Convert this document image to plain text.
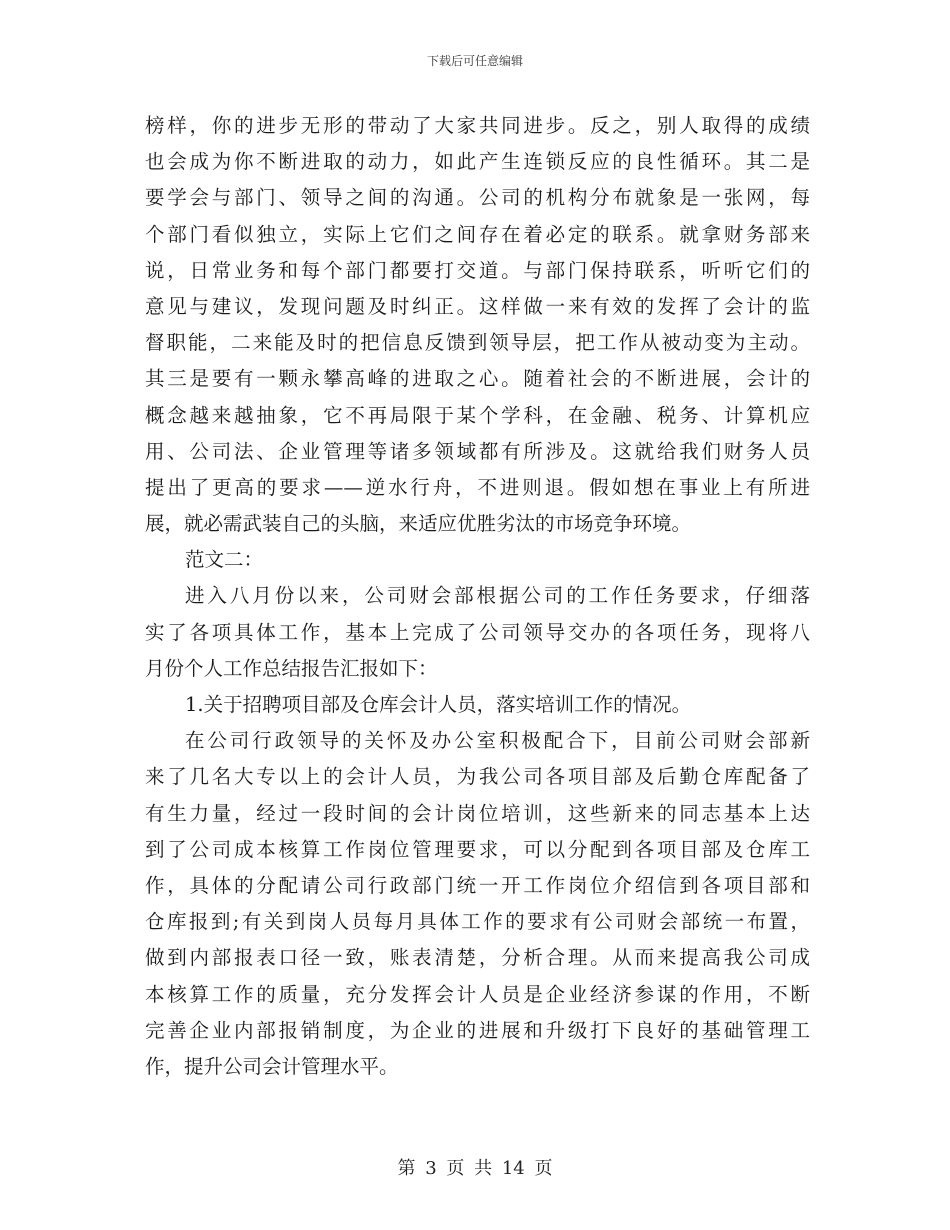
下载后可任意编辑
榜样，你的进步无形的带动了大家共同进步。反之，别人取得的成绩
也会成为你不断进取的动力，如此产生连锁反应的良性循环。其二是
要学会与部门、领导之间的沟通。公司的机构分布就象是一张网，每
个部门看似独立，实际上它们之间存在着必定的联系。就拿财务部来
说，日常业务和每个部门都要打交道。与部门保持联系，听听它们的
意见与建议，发现问题及时纠正。这样做一来有效的发挥了会计的监
督职能，二来能及时的把信息反馈到领导层，把工作从被动变为主动。
其三是要有一颗永攀高峰的进取之心。随着社会的不断进展，会计的
概念越来越抽象，它不再局限于某个学科，在金融、税务、计算机应
用、公司法、企业管理等诸多领域都有所涉及。这就给我们财务人员
提出了更高的要求——逆水行舟，不进则退。假如想在事业上有所进
展，就必需武装自己的头脑，来适应优胜劣汰的市场竞争环境。
范文二：
进入八月份以来，公司财会部根据公司的工作任务要求，仔细落
实了各项具体工作，基本上完成了公司领导交办的各项任务，现将八
月份个人工作总结报告汇报如下：
1.关于招聘项目部及仓库会计人员，落实培训工作的情况。
在公司行政领导的关怀及办公室积极配合下，目前公司财会部新
来了几名大专以上的会计人员，为我公司各项目部及后勤仓库配备了
有生力量，经过一段时间的会计岗位培训，这些新来的同志基本上达
到了公司成本核算工作岗位管理要求，可以分配到各项目部及仓库工
作，具体的分配请公司行政部门统一开工作岗位介绍信到各项目部和
仓库报到;有关到岗人员每月具体工作的要求有公司财会部统一布置，
做到内部报表口径一致，账表清楚，分析合理。从而来提高我公司成
本核算工作的质量，充分发挥会计人员是企业经济参谋的作用，不断
完善企业内部报销制度，为企业的进展和升级打下良好的基础管理工
作，提升公司会计管理水平。
第 3 页 共 14 页
